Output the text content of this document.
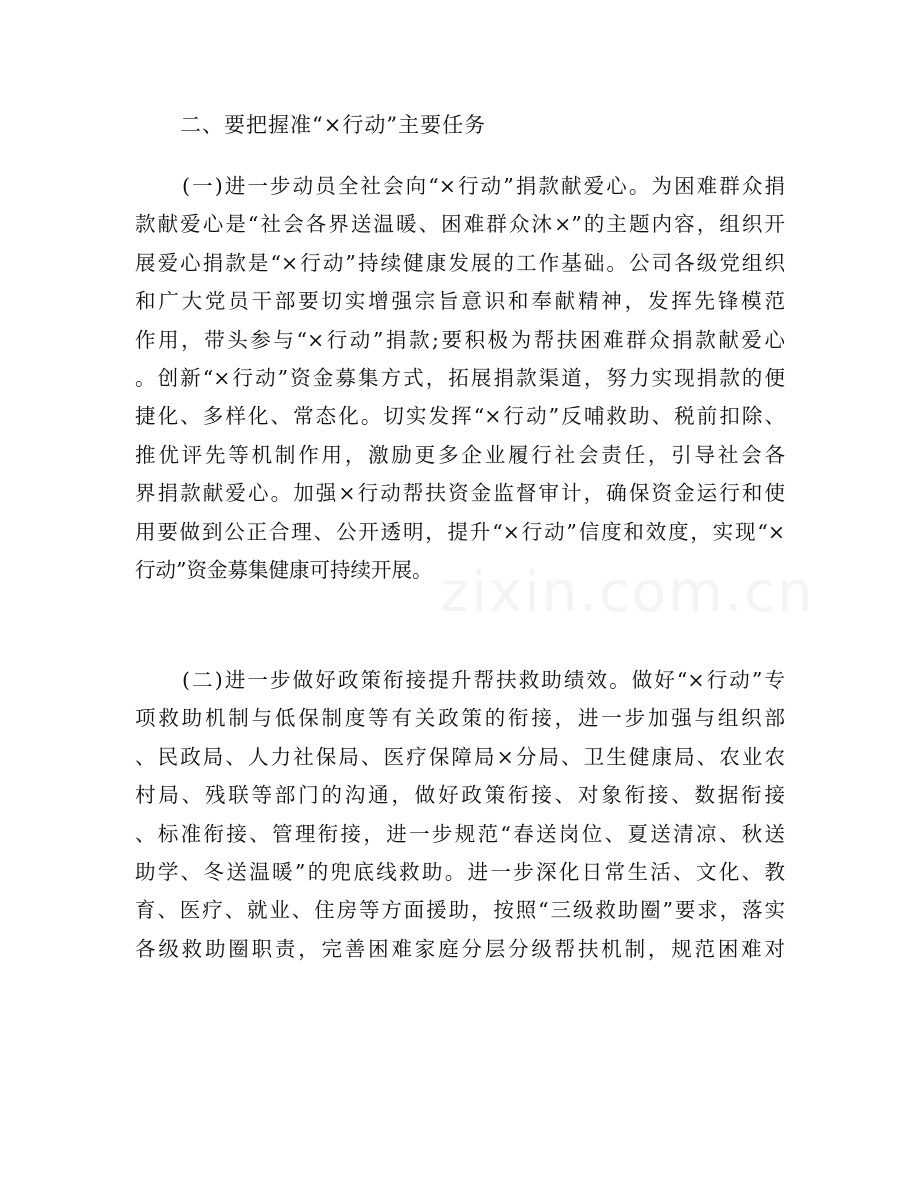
zixin.com.cn
二、要把握准“×行动”主要任务
(一)进一步动员全社会向“×行动”捐款献爱心。为困难群众捐
款献爱心是“社会各界送温暖、困难群众沐×”的主题内容，组织开
展爱心捐款是“×行动”持续健康发展的工作基础。公司各级党组织
和广大党员干部要切实增强宗旨意识和奉献精神，发挥先锋模范
作用，带头参与“×行动”捐款;要积极为帮扶困难群众捐款献爱心
。创新“×行动”资金募集方式，拓展捐款渠道，努力实现捐款的便
捷化、多样化、常态化。切实发挥“×行动”反哺救助、税前扣除、
推优评先等机制作用，激励更多企业履行社会责任，引导社会各
界捐款献爱心。加强×行动帮扶资金监督审计，确保资金运行和使
用要做到公正合理、公开透明，提升“×行动”信度和效度，实现“×
行动”资金募集健康可持续开展。
(二)进一步做好政策衔接提升帮扶救助绩效。做好“×行动”专
项救助机制与低保制度等有关政策的衔接，进一步加强与组织部
、民政局、人力社保局、医疗保障局×分局、卫生健康局、农业农
村局、残联等部门的沟通，做好政策衔接、对象衔接、数据衔接
、标准衔接、管理衔接，进一步规范“春送岗位、夏送清凉、秋送
助学、冬送温暖”的兜底线救助。进一步深化日常生活、文化、教
育、医疗、就业、住房等方面援助，按照“三级救助圈”要求，落实
各级救助圈职责，完善困难家庭分层分级帮扶机制，规范困难对
